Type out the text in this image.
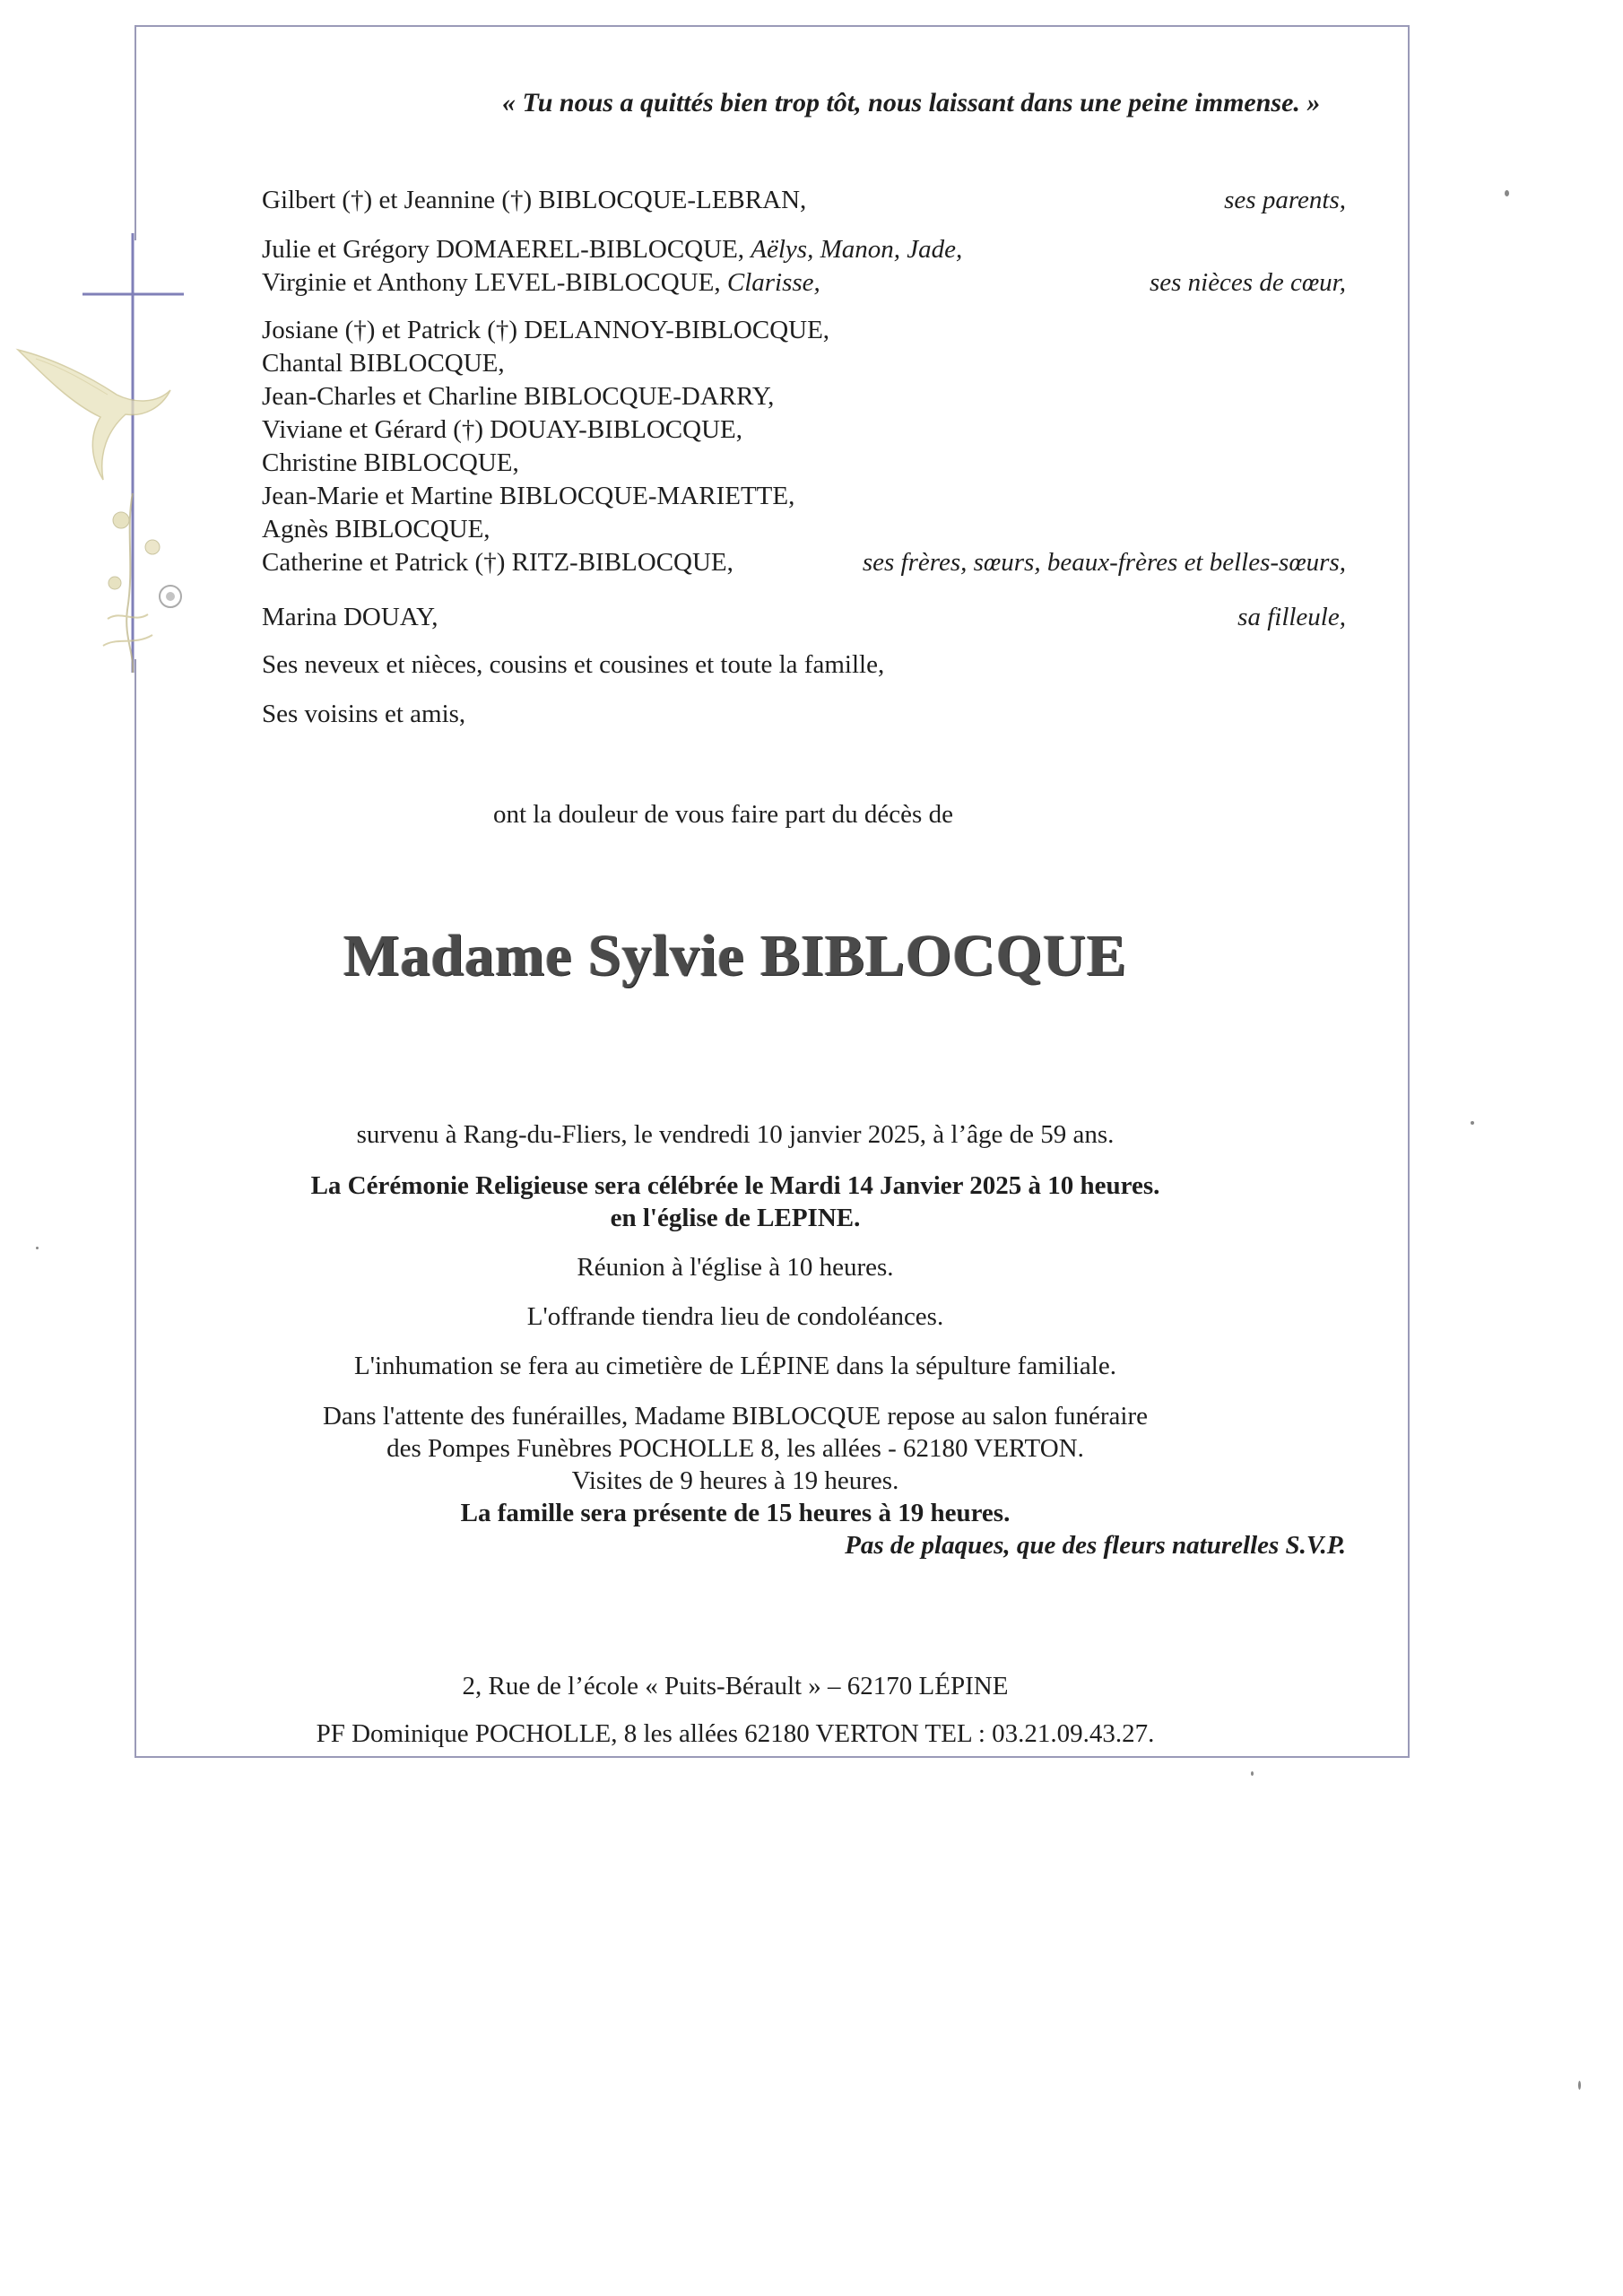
« Tu nous a quittés bien trop tôt, nous laissant dans une peine immense. »
Gilbert (†) et Jeannine (†) BIBLOCQUE-LEBRAN,	ses parents,
Julie et Grégory DOMAEREL-BIBLOCQUE, Aëlys, Manon, Jade,
Virginie et Anthony LEVEL-BIBLOCQUE, Clarisse,	ses nièces de cœur,
Josiane (†) et Patrick (†) DELANNOY-BIBLOCQUE,
Chantal BIBLOCQUE,
Jean-Charles et Charline BIBLOCQUE-DARRY,
Viviane et Gérard (†) DOUAY-BIBLOCQUE,
Christine BIBLOCQUE,
Jean-Marie et Martine BIBLOCQUE-MARIETTE,
Agnès BIBLOCQUE,
Catherine et Patrick (†) RITZ-BIBLOCQUE,	ses frères, sœurs, beaux-frères et belles-sœurs,
Marina DOUAY,	sa filleule,
Ses neveux et nièces, cousins et cousines et toute la famille,
Ses voisins et amis,
ont la douleur de vous faire part du décès de
Madame Sylvie BIBLOCQUE
survenu à Rang-du-Fliers, le vendredi 10 janvier 2025, à l’âge de 59 ans.
La Cérémonie Religieuse sera célébrée le Mardi 14 Janvier 2025 à 10 heures.
en l'église de LEPINE.
Réunion à l'église à 10 heures.
L'offrande tiendra lieu de condoléances.
L'inhumation se fera au cimetière de LÉPINE dans la sépulture familiale.
Dans l'attente des funérailles, Madame BIBLOCQUE repose au salon funéraire
des Pompes Funèbres POCHOLLE 8, les allées - 62180 VERTON.
Visites de 9 heures à 19 heures.
La famille sera présente de 15 heures à 19 heures.
Pas de plaques, que des fleurs naturelles S.V.P.
2, Rue de l’école « Puits-Bérault » – 62170 LÉPINE
PF Dominique POCHOLLE, 8 les allées 62180 VERTON TEL : 03.21.09.43.27.
